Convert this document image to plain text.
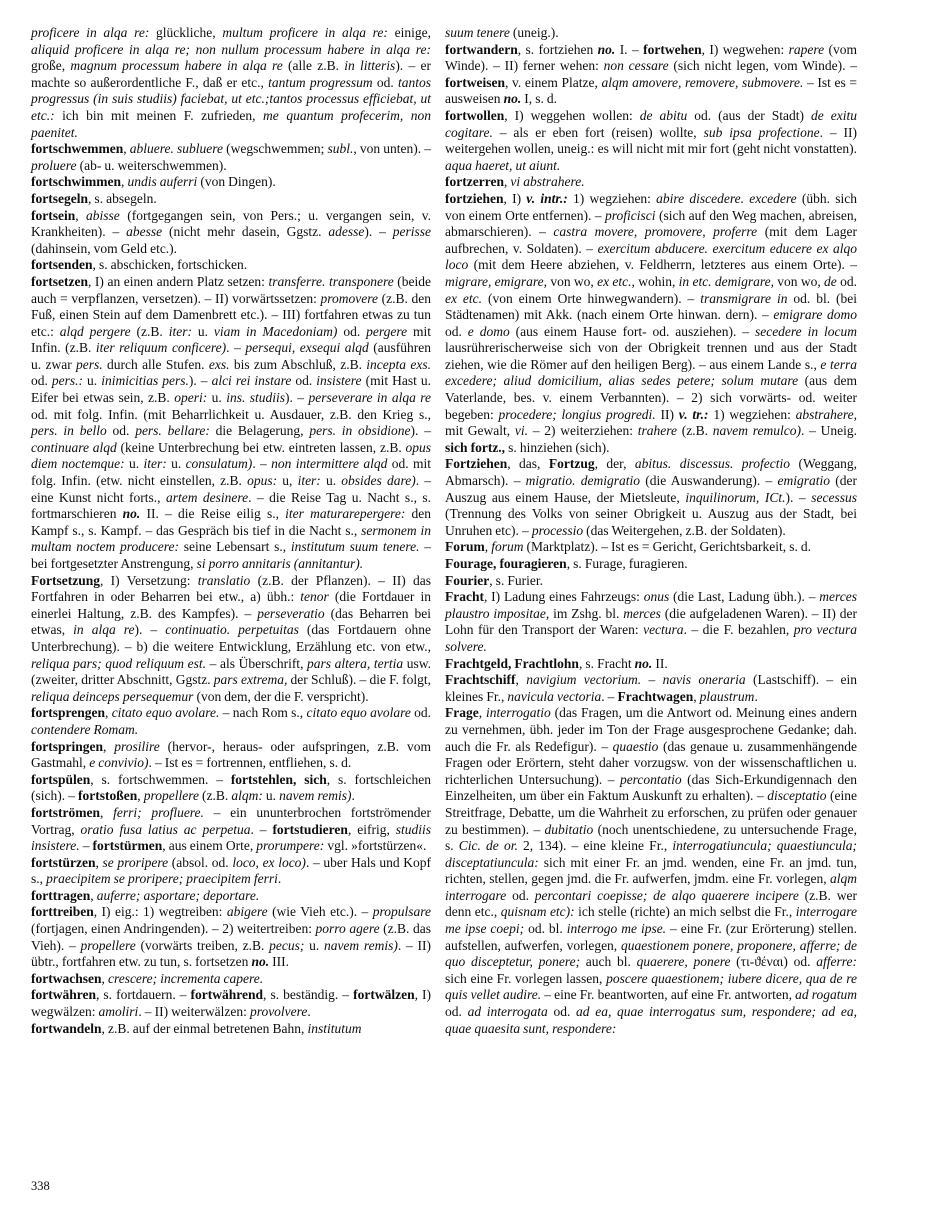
proficere in alqa re: glückliche, multum proficere in alqa re: einige, aliquid proficere in alqa re; non nullum processum habere in alqa re: große, magnum processum habere in alqa re (alle z.B. in litteris). – er machte so außerordentliche F., daß er etc., tantum progressum od. tantos progressus (in suis studiis) faciebat, ut etc.;tantos processus efficiebat, ut etc.: ich bin mit meinen F. zufrieden, me quantum profecerim, non paenitet.

fortschwemmen, abluere. subluere (wegschwemmen; subl., von unten). – proluere (ab- u. weiterschwemmen).

fortschwimmen, undis auferri (von Dingen).

fortsegeln, s. absegeln.

fortsein, abisse (fortgegangen sein, von Pers.; u. vergangen sein, v. Krankheiten). – abesse (nicht mehr dasein, Ggstz. adesse). – perisse (dahinsein, vom Geld etc.).

fortsenden, s. abschicken, fortschicken.

fortsetzen, I) an einen andern Platz setzen: transferre. transponere (beide auch = verpflanzen, versetzen). – II) vorwärtssetzen: promovere (z.B. den Fuß, einen Stein auf dem Damenbrett etc.). – III) fortfahren etwas zu tun etc.: alqd pergere (z.B. iter: u. viam in Macedoniam) od. pergere mit Infin. (z.B. iter reliquum conficere). – persequi, exsequi alqd (ausführen u. zwar pers. durch alle Stufen. exs. bis zum Abschluß, z.B. incepta exs. od. pers.: u. inimicitias pers.). – alci rei instare od. insistere (mit Hast u. Eifer bei etwas sein, z.B. operi: u. ins. studiis). – perseverare in alqa re od. mit folg. Infin. (mit Beharrlichkeit u. Ausdauer, z.B. den Krieg s., pers. in bello od. pers. bellare: die Belagerung, pers. in obsidione). – continuare alqd (keine Unterbrechung bei etw. eintreten lassen, z.B. opus diem noctemque: u. iter: u. consulatum). – non intermittere alqd od. mit folg. Infin. (etw. nicht einstellen, z.B. opus: u, iter: u. obsides dare). – eine Kunst nicht forts., artem desinere. – die Reise Tag u. Nacht s., s. fortmarschieren no. II. – die Reise eilig s., iter maturarepergere: den Kampf s., s. Kampf. – das Gespräch bis tief in die Nacht s., sermonem in multam noctem producere: seine Lebensart s., institutum suum tenere. – bei fortgesetzter Anstrengung, si porro annitaris (annitantur).

Fortsetzung, I) Versetzung: translatio (z.B. der Pflanzen). – II) das Fortfahren in oder Beharren bei etw., a) übh.: tenor (die Fortdauer in einerlei Haltung, z.B. des Kampfes). – perseveratio (das Beharren bei etwas, in alqa re). – continuatio. perpetuitas (das Fortdauern ohne Unterbrechung). – b) die weitere Entwicklung, Erzählung etc. von etw., reliqua pars; quod reliquum est. – als Überschrift, pars altera, tertia usw. (zweiter, dritter Abschnitt, Ggstz. pars extrema, der Schluß). – die F. folgt, reliqua deinceps persequemur (von dem, der die F. verspricht).

fortsprengen, citato equo avolare. – nach Rom s., citato equo avolare od. contendere Romam.

fortspringen, prosilire (hervor-, heraus- oder aufspringen, z.B. vom Gastmahl, e convivio). – Ist es = fortrennen, entfliehen, s. d.

fortspülen, s. fortschwemmen. – fortstehlen, sich, s. fortschleichen (sich). – fortstoßen, propellere (z.B. alqm: u. navem remis).

fortströmen, ferri; profluere. – ein ununterbrochen fortströmender Vortrag, oratio fusa latius ac perpetua. – fortstudieren, eifrig, studiis insistere. – fortstürmen, aus einem Orte, prorumpere: vgl. »fortstürzen«.

fortstürzen, se proripere (absol. od. loco, ex loco). – uber Hals und Kopf s., praecipitem se proripere; praecipitem ferri.

forttragen, auferre; asportare; deportare.

forttreiben, I) eig.: 1) wegtreiben: abigere (wie Vieh etc.). – propulsare (fortjagen, einen Andringenden). – 2) weitertreiben: porro agere (z.B. das Vieh). – propellere (vorwärts treiben, z.B. pecus; u. navem remis). – II) übtr., fortfahren etw. zu tun, s. fortsetzen no. III.

fortwachsen, crescere; incrementa capere.

fortwähren, s. fortdauern. – fortwährend, s. beständig. – fortwälzen, I) wegwälzen: amoliri. – II) weiterwälzen: provolvere.

fortwandeln, z.B. auf der einmal betretenen Bahn, institutum

suum tenere (uneig.).

fortwandern, s. fortziehen no. I. – fortwehen, I) wegwehen: rapere (vom Winde). – II) ferner wehen: non cessare (sich nicht legen, vom Winde). – fortweisen, v. einem Platze, alqm amovere, removere, submovere. – Ist es = ausweisen no. I, s. d.

fortwollen, I) weggehen wollen: de abitu od. (aus der Stadt) de exitu cogitare. – als er eben fort (reisen) wollte, sub ipsa profectione. – II) weitergehen wollen, uneig.: es will nicht mit mir fort (geht nicht vonstatten). aqua haeret, ut aiunt.

fortzerren, vi abstrahere.

fortziehen, I) v. intr.: 1) wegziehen: abire discedere. excedere (übh. sich von einem Orte entfernen). – proficisci (sich auf den Weg machen, abreisen, abmarschieren). – castra movere, promovere, proferre (mit dem Lager aufbrechen, v. Soldaten). – exercitum abducere. exercitum educere ex alqo loco (mit dem Heere abziehen, v. Feldherrn, letzteres aus einem Orte). – migrare, emigrare, von wo, ex etc., wohin, in etc. demigrare, von wo, de od. ex etc. (von einem Orte hinwegwandern). – transmigrare in od. bl. (bei Städtenamen) mit Akk. (nach einem Orte hinwan. dern). – emigrare domo od. e domo (aus einem Hause fort- od. ausziehen). – secedere in locum lausrührerischerweise sich von der Obrigkeit trennen und aus der Stadt ziehen, wie die Römer auf den heiligen Berg). – aus einem Lande s., e terra excedere; aliud domicilium, alias sedes petere; solum mutare (aus dem Vaterlande, bes. v. einem Verbannten). – 2) sich vorwärts- od. weiter begeben: procedere; longius progredi. II) v. tr.: 1) wegziehen: abstrahere, mit Gewalt, vi. – 2) weiterziehen: trahere (z.B. navem remulco). – Uneig. sich fortz., s. hinziehen (sich).

Fortziehen, das, Fortzug, der, abitus. discessus. profectio (Weggang, Abmarsch). – migratio. demigratio (die Auswanderung). – emigratio (der Auszug aus einem Hause, der Mietsleute, inquilinorum, ICt.). – secessus (Trennung des Volks von seiner Obrigkeit u. Auszug aus der Stadt, bei Unruhen etc). – processio (das Weitergehen, z.B. der Soldaten).

Forum, forum (Marktplatz). – Ist es = Gericht, Gerichtsbarkeit, s. d.

Fourage, fouragieren, s. Furage, furagieren.

Fourier, s. Furier.

Fracht, I) Ladung eines Fahrzeugs: onus (die Last, Ladung übh.). – merces plaustro impositae, im Zshg. bl. merces (die aufgeladenen Waren). – II) der Lohn für den Transport der Waren: vectura. – die F. bezahlen, pro vectura solvere.

Frachtgeld, Frachtlohn, s. Fracht no. II.

Frachtschiff, navigium vectorium. – navis oneraria (Lastschiff). – ein kleines Fr., navicula vectoria. – Frachtwagen, plaustrum.

Frage, interrogatio (das Fragen, um die Antwort od. Meinung eines andern zu vernehmen, übh. jeder im Ton der Frage ausgesprochene Gedanke; dah. auch die Fr. als Redefigur). – quaestio (das genaue u. zusammenhängende Fragen oder Erörtern, steht daher vorzugsw. von der wissenschaftlichen u. richterlichen Untersuchung). – percontatio (das Sich-Erkundigennach den Einzelheiten, um über ein Faktum Auskunft zu erhalten). – disceptatio (eine Streitfrage, Debatte, um die Wahrheit zu erforschen, zu prüfen oder genauer zu bestimmen). – dubitatio (noch unentschiedene, zu untersuchende Frage, s. Cic. de or. 2, 134). – eine kleine Fr., interrogatiuncula; quaestiuncula; disceptatiuncula: sich mit einer Fr. an jmd. wenden, eine Fr. an jmd. tun, richten, stellen, gegen jmd. die Fr. aufwerfen, jmdm. eine Fr. vorlegen, alqm interrogare od. percontari coepisse; de alqo quaerere incipere (z.B. wer denn etc., quisnam etc): ich stelle (richte) an mich selbst die Fr., interrogare me ipse coepi; od. bl. interrogo me ipse. – eine Fr. (zur Erörterung) stellen. aufstellen, aufwerfen, vorlegen, quaestionem ponere, proponere, afferre; de quo disceptetur, ponere; auch bl. quaerere, ponere (τι-ϑέναι) od. afferre: sich eine Fr. vorlegen lassen, poscere quaestionem; iubere dicere, qua de re quis vellet audire. – eine Fr. beantworten, auf eine Fr. antworten, ad rogatum od. ad interrogata od. ad ea, quae interrogatus sum, respondere; ad ea, quae quaesita sunt, respondere:

338
